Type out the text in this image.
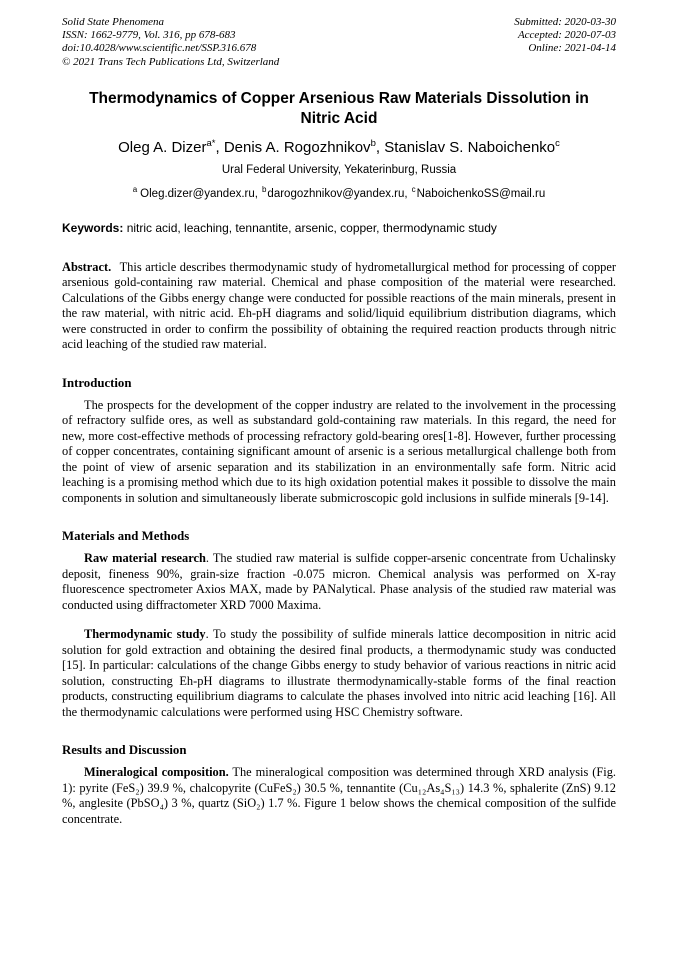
Solid State Phenomena
ISSN: 1662-9779, Vol. 316, pp 678-683
doi:10.4028/www.scientific.net/SSP.316.678
© 2021 Trans Tech Publications Ltd, Switzerland
Submitted: 2020-03-30
Accepted: 2020-07-03
Online: 2021-04-14
Thermodynamics of Copper Arsenious Raw Materials Dissolution in
Nitric Acid
Oleg A. Dizer$^{a*}$, Denis A. Rogozhnikov$^b$, Stanislav S. Naboichenko$^c$
Ural Federal University, Yekaterinburg, Russia
$^a$ Oleg.dizer@yandex.ru, $^b$darogozhnikov@yandex.ru, $^c$NaboichenkoSS@mail.ru
Keywords: nitric acid, leaching, tennantite, arsenic, copper, thermodynamic study
Abstract. This article describes thermodynamic study of hydrometallurgical method for processing of copper arsenious gold-containing raw material. Chemical and phase composition of the material were researched. Calculations of the Gibbs energy change were conducted for possible reactions of the main minerals, present in the raw material, with nitric acid. Eh-pH diagrams and solid/liquid equilibrium distribution diagrams, which were constructed in order to confirm the possibility of obtaining the required reaction products through nitric acid leaching of the studied raw material.
Introduction

The prospects for the development of the copper industry are related to the involvement in the processing of refractory sulfide ores, as well as substandard gold-containing raw materials. In this regard, the need for new, more cost-effective methods of processing refractory gold-bearing ores[1-8]. However, further processing of copper concentrates, containing significant amount of arsenic is a serious metallurgical challenge both from the point of view of arsenic separation and its stabilization in an environmentally safe form. Nitric acid leaching is a promising method which due to its high oxidation potential makes it possible to dissolve the main components in solution and simultaneously liberate submicroscopic gold inclusions in sulfide minerals [9-14].

Materials and Methods

Raw material research. The studied raw material is sulfide copper-arsenic concentrate from Uchalinsky deposit, fineness 90%, grain-size fraction -0.075 micron. Chemical analysis was performed on X-ray fluorescence spectrometer Axios MAX, made by PANalytical. Phase analysis of the studied raw material was conducted using diffractometer XRD 7000 Maxima.

Thermodynamic study. To study the possibility of sulfide minerals lattice decomposition in nitric acid solution for gold extraction and obtaining the desired final products, a thermodynamic study was conducted [15]. In particular: calculations of the change Gibbs energy to study behavior of various reactions in nitric acid solution, constructing Eh-pH diagrams to illustrate thermodynamically-stable forms of the final reaction products, constructing equilibrium diagrams to calculate the phases involved into nitric acid leaching [16]. All the thermodynamic calculations were performed using HSC Chemistry software.

Results and Discussion

Mineralogical composition. The mineralogical composition was determined through XRD analysis (Fig. 1): pyrite (FeS₂) 39.9 %, chalcopyrite (CuFeS₂) 30.5 %, tennantite (Cu₁₂As₄S₁₃) 14.3 %, sphalerite (ZnS) 9.12 %, anglesite (PbSO₄) 3 %, quartz (SiO₂) 1.7 %. Figure 1 below shows the chemical composition of the sulfide concentrate.
